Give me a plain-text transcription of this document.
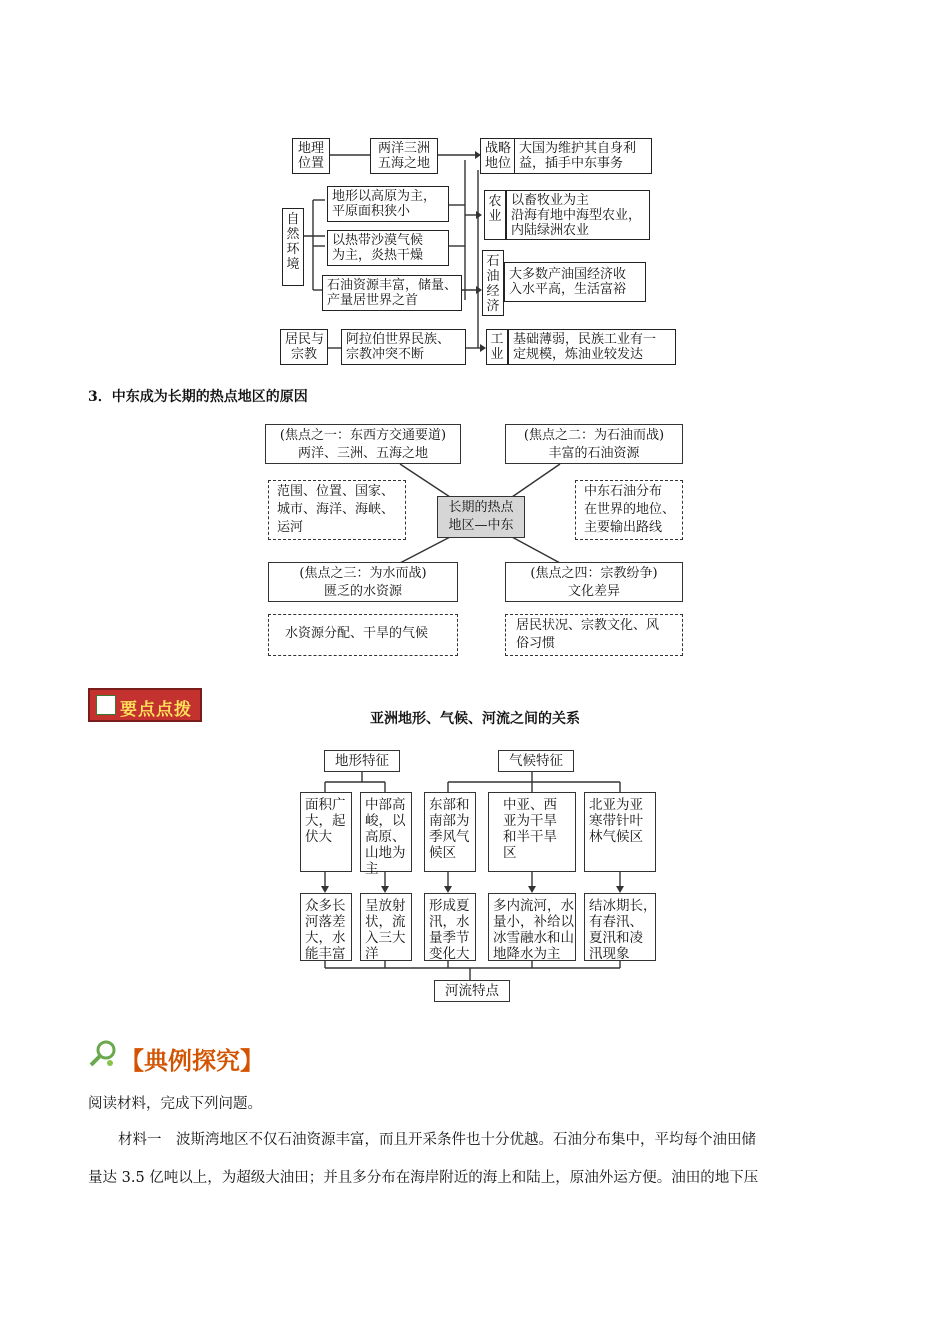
地理
位置
两洋三洲
五海之地
战略
地位
大国为维护其自身利
益，插手中东事务
自
然
环
境
地形以高原为主，
平原面积狭小
以热带沙漠气候
为主，炎热干燥
石油资源丰富，储量、
产量居世界之首
农
业
以畜牧业为主
沿海有地中海型农业，
内陆绿洲农业
石
油
经
济
大多数产油国经济收
入水平高，生活富裕
居民与
宗教
阿拉伯世界民族、
宗教冲突不断
工
业
基础薄弱，民族工业有一
定规模，炼油业较发达
3．中东成为长期的热点地区的原因
(焦点之一：东西方交通要道)
两洋、三洲、五海之地
(焦点之二：为石油而战)
丰富的石油资源
范围、位置、国家、
城市、海洋、海峡、
运河
长期的热点
地区—中东
中东石油分布
在世界的地位、
主要输出路线
(焦点之三：为水而战)
匮乏的水资源
(焦点之四：宗教纷争)
文化差异
水资源分配、干旱的气候
居民状况、宗教文化、风
俗习惯
要点点拨	亚洲地形、气候、河流之间的关系
地形特征	气候特征
面积广
大，起
伏大
中部高
峻，以
高原、
山地为
主
东部和
南部为
季风气
候区
中亚、西
亚为干旱
和半干旱
区
北亚为亚
寒带针叶
林气候区
众多长
河落差
大，水
能丰富
呈放射
状，流
入三大
洋
形成夏
汛，水
量季节
变化大
多内流河，水
量小，补给以
冰雪融水和山
地降水为主
结冰期长，
有春汛、
夏汛和凌
汛现象
河流特点
【典例探究】
阅读材料，完成下列问题。
材料一　波斯湾地区不仅石油资源丰富，而且开采条件也十分优越。石油分布集中，平均每个油田储
量达 3.5 亿吨以上，为超级大油田；并且多分布在海岸附近的海上和陆上，原油外运方便。油田的地下压
